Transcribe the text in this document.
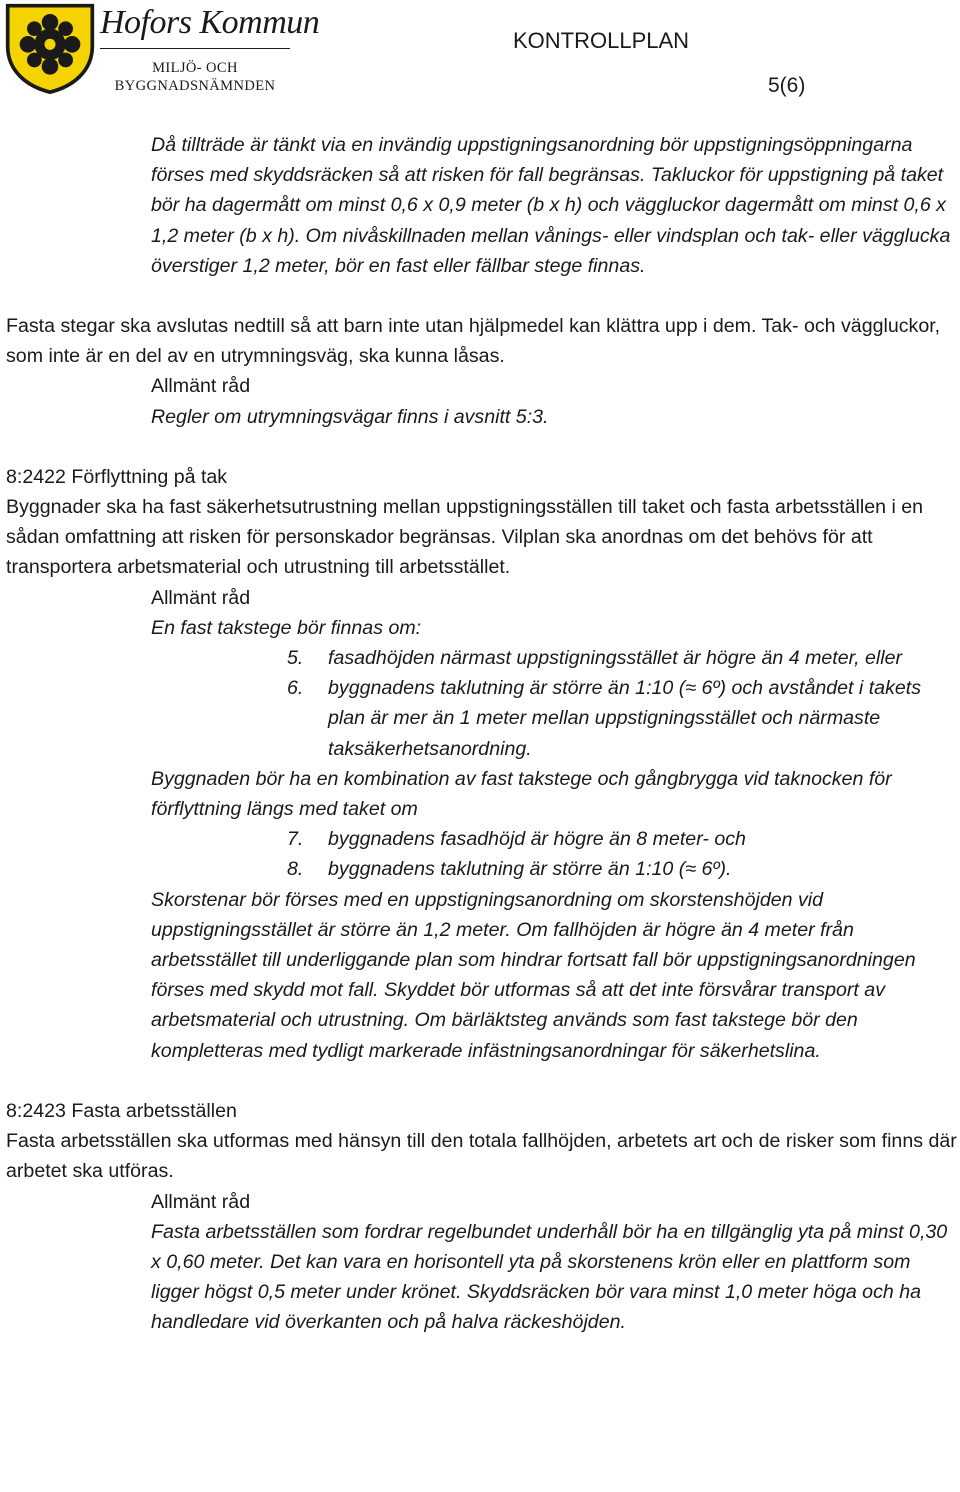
Hofors Kommun
MILJÖ- OCH
BYGGNADSNÄMNDEN
KONTROLLPLAN
5(6)

Då tillträde är tänkt via en invändig uppstigningsanordning bör uppstigningsöppningarna förses med skyddsräcken så att risken för fall begränsas. Takluckor för uppstigning på taket bör ha dagermått om minst 0,6 x 0,9 meter (b x h) och väggluckor dagermått om minst 0,6 x 1,2 meter (b x h). Om nivåskillnaden mellan vånings- eller vindsplan och tak- eller vägglucka överstiger 1,2 meter, bör en fast eller fällbar stege finnas.

Fasta stegar ska avslutas nedtill så att barn inte utan hjälpmedel kan klättra upp i dem. Tak- och väggluckor, som inte är en del av en utrymningsväg, ska kunna låsas.

Allmänt råd

Regler om utrymningsvägar finns i avsnitt 5:3.

8:2422 Förflyttning på tak

Byggnader ska ha fast säkerhetsutrustning mellan uppstigningsställen till taket och fasta arbetsställen i en sådan omfattning att risken för personskador begränsas. Vilplan ska anordnas om det behövs för att transportera arbetsmaterial och utrustning till arbetsstället.

Allmänt råd

En fast takstege bör finnas om:

5. fasadhöjden närmast uppstigningsstället är högre än 4 meter, eller
6. byggnadens taklutning är större än 1:10 (≈ 6º) och avståndet i takets plan är mer än 1 meter mellan uppstigningsstället och närmaste taksäkerhetsanordning.

Byggnaden bör ha en kombination av fast takstege och gångbrygga vid taknocken för förflyttning längs med taket om

7. byggnadens fasadhöjd är högre än 8 meter- och
8. byggnadens taklutning är större än 1:10 (≈ 6º).

Skorstenar bör förses med en uppstigningsanordning om skorstenshöjden vid uppstigningsstället är större än 1,2 meter. Om fallhöjden är högre än 4 meter från arbetsstället till underliggande plan som hindrar fortsatt fall bör uppstigningsanordningen förses med skydd mot fall. Skyddet bör utformas så att det inte försvårar transport av arbetsmaterial och utrustning. Om bärläktsteg används som fast takstege bör den kompletteras med tydligt markerade infästningsanordningar för säkerhetslina.

8:2423 Fasta arbetsställen

Fasta arbetsställen ska utformas med hänsyn till den totala fallhöjden, arbetets art och de risker som finns där arbetet ska utföras.

Allmänt råd

Fasta arbetsställen som fordrar regelbundet underhåll bör ha en tillgänglig yta på minst 0,30 x 0,60 meter. Det kan vara en horisontell yta på skorstenens krön eller en plattform som ligger högst 0,5 meter under krönet. Skyddsräcken bör vara minst 1,0 meter höga och ha handledare vid överkanten och på halva räckeshöjden.
